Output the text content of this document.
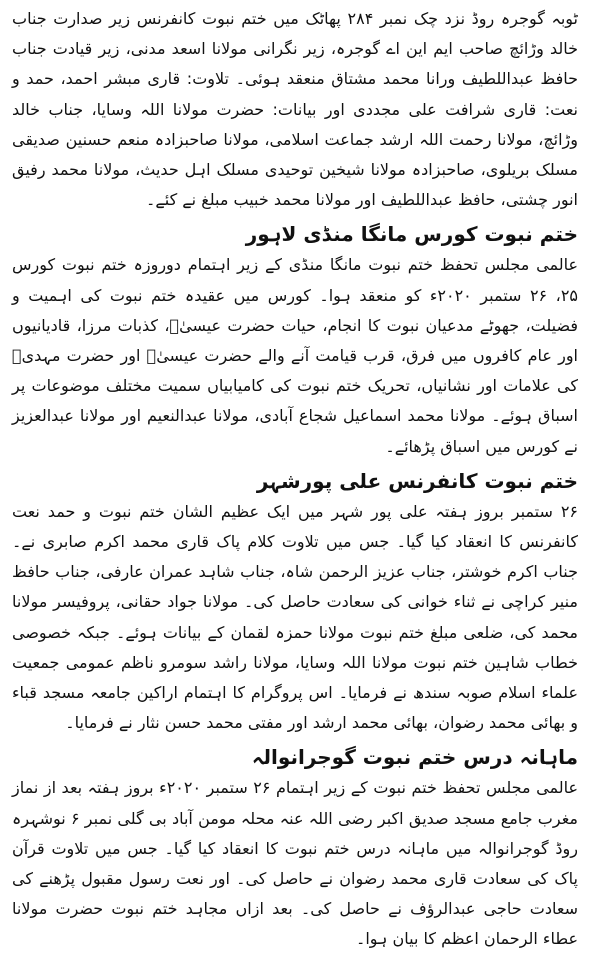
ٹوبہ گوجرہ روڈ نزد چک نمبر ۲۸۴ پھاٹک میں ختم نبوت کانفرنس زیر صدارت جناب خالد وڑائچ صاحب ایم این اے گوجرہ، زیر نگرانی مولانا اسعد مدنی، زیر قیادت جناب حافظ عبداللطیف ورانا محمد مشتاق منعقد ہوئی۔ تلاوت: قاری مبشر احمد، حمد و نعت: قاری شرافت علی مجددی اور بیانات: حضرت مولانا اللہ وسایا، جناب خالد وڑائچ، مولانا رحمت اللہ ارشد جماعت اسلامی، مولانا صاحبزادہ منعم حسنین صدیقی مسلک بریلوی، صاحبزادہ مولانا شیخین توحیدی مسلک اہل حدیث، مولانا محمد رفیق انور چشتی، حافظ عبداللطیف اور مولانا محمد خبیب مبلغ نے کئے۔

ختم نبوت کورس مانگا منڈی لاہور

عالمی مجلس تحفظ ختم نبوت مانگا منڈی کے زیر اہتمام دوروزہ ختم نبوت کورس ۲۵، ۲۶ ستمبر ۲۰۲۰ء کو منعقد ہوا۔ کورس میں عقیدہ ختم نبوت کی اہمیت و فضیلت، جھوٹے مدعیان نبوت کا انجام، حیات حضرت عیسیٰؑ، کذبات مرزا، قادیانیوں اور عام کافروں میں فرق، قرب قیامت آنے والے حضرت عیسیٰؑ اور حضرت مہدیؓ کی علامات اور نشانیاں، تحریک ختم نبوت کی کامیابیاں سمیت مختلف موضوعات پر اسباق ہوئے۔ مولانا محمد اسماعیل شجاع آبادی، مولانا عبدالنعیم اور مولانا عبدالعزیز نے کورس میں اسباق پڑھائے۔

ختم نبوت کانفرنس علی پورشہر

۲۶ ستمبر بروز ہفتہ علی پور شہر میں ایک عظیم الشان ختم نبوت و حمد نعت کانفرنس کا انعقاد کیا گیا۔ جس میں تلاوت کلام پاک قاری محمد اکرم صابری نے۔ جناب اکرم خوشتر، جناب عزیز الرحمن شاہ، جناب شاہد عمران عارفی، جناب حافظ منیر کراچی نے ثناء خوانی کی سعادت حاصل کی۔ مولانا جواد حقانی، پروفیسر مولانا محمد کی، ضلعی مبلغ ختم نبوت مولانا حمزہ لقمان کے بیانات ہوئے۔ جبکہ خصوصی خطاب شاہین ختم نبوت مولانا اللہ وسایا، مولانا راشد سومرو ناظم عمومی جمعیت علماء اسلام صوبہ سندھ نے فرمایا۔ اس پروگرام کا اہتمام اراکین جامعہ مسجد قباء و بھائی محمد رضوان، بھائی محمد ارشد اور مفتی محمد حسن نثار نے فرمایا۔

ماہانہ درس ختم نبوت گوجرانوالہ

عالمی مجلس تحفظ ختم نبوت کے زیر اہتمام ۲۶ ستمبر ۲۰۲۰ء بروز ہفتہ بعد از نماز مغرب جامع مسجد صدیق اکبر رضی اللہ عنہ محلہ مومن آباد بی گلی نمبر ۶ نوشہرہ روڈ گوجرانوالہ میں ماہانہ درس ختم نبوت کا انعقاد کیا گیا۔ جس میں تلاوت قرآن پاک کی سعادت قاری محمد رضوان نے حاصل کی۔ اور نعت رسول مقبول پڑھنے کی سعادت حاجی عبدالرؤف نے حاصل کی۔ بعد ازاں مجاہد ختم نبوت حضرت مولانا عطاء الرحمان اعظم کا بیان ہوا۔
